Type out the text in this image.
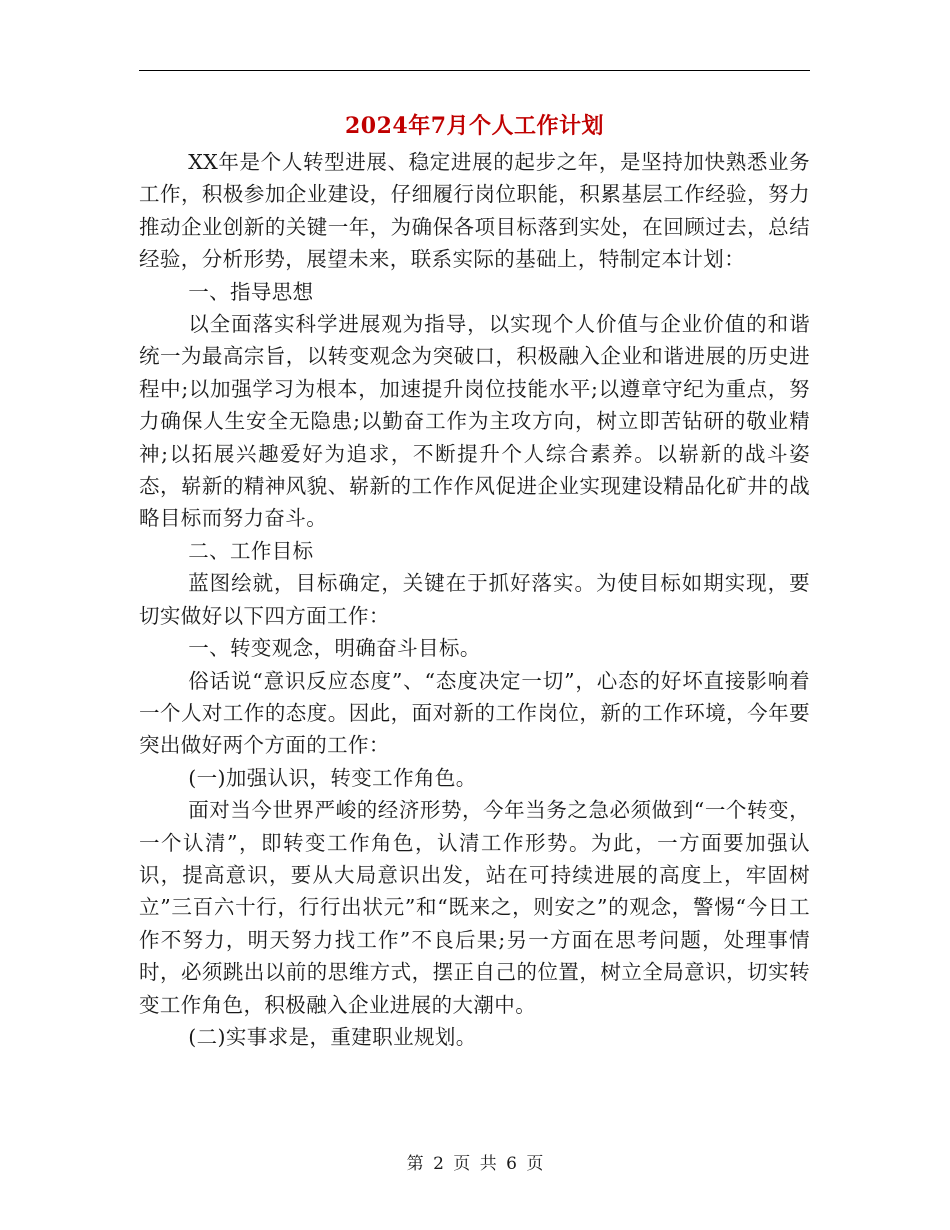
2024年7月个人工作计划

XX年是个人转型进展、稳定进展的起步之年，是坚持加快熟悉业务工作，积极参加企业建设，仔细履行岗位职能，积累基层工作经验，努力推动企业创新的关键一年，为确保各项目标落到实处，在回顾过去，总结经验，分析形势，展望未来，联系实际的基础上，特制定本计划：

一、指导思想

以全面落实科学进展观为指导，以实现个人价值与企业价值的和谐统一为最高宗旨，以转变观念为突破口，积极融入企业和谐进展的历史进程中;以加强学习为根本，加速提升岗位技能水平;以遵章守纪为重点，努力确保人生安全无隐患;以勤奋工作为主攻方向，树立即苦钻研的敬业精神;以拓展兴趣爱好为追求，不断提升个人综合素养。以崭新的战斗姿态，崭新的精神风貌、崭新的工作作风促进企业实现建设精品化矿井的战略目标而努力奋斗。

二、工作目标

蓝图绘就，目标确定，关键在于抓好落实。为使目标如期实现，要切实做好以下四方面工作：

一、转变观念，明确奋斗目标。

俗话说“意识反应态度”、“态度决定一切”，心态的好坏直接影响着一个人对工作的态度。因此，面对新的工作岗位，新的工作环境，今年要突出做好两个方面的工作：

(一)加强认识，转变工作角色。

面对当今世界严峻的经济形势，今年当务之急必须做到“一个转变，一个认清”，即转变工作角色，认清工作形势。为此，一方面要加强认识，提高意识，要从大局意识出发，站在可持续进展的高度上，牢固树立”三百六十行，行行出状元”和“既来之，则安之”的观念，警惕“今日工作不努力，明天努力找工作”不良后果;另一方面在思考问题，处理事情时，必须跳出以前的思维方式，摆正自己的位置，树立全局意识，切实转变工作角色，积极融入企业进展的大潮中。

(二)实事求是，重建职业规划。

第 2 页 共 6 页
